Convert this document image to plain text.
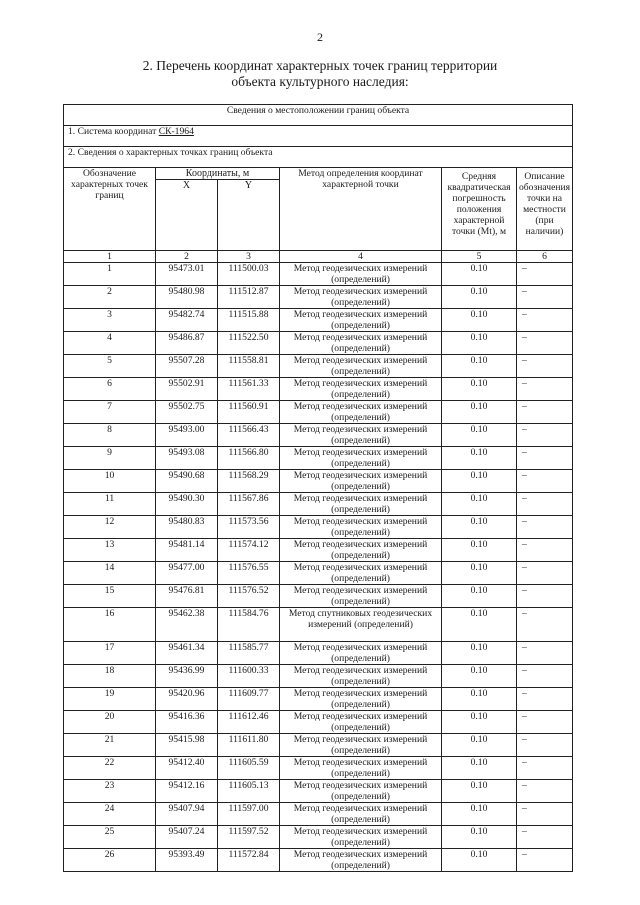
2
2. Перечень координат характерных точек границ территории
объекта культурного наследия:
Сведения о местоположении границ объекта					
1. Система координат СК-1964					
2. Сведения о характерных точках границ объекта					
Обозначение характерных точек границ	Координаты, м		Метод определения координат характерной точки	Средняя квадратическая погрешность положения характерной точки (Mt), м	Описание обозначения точки на местности (при наличии)
	X	Y			
1	2	3	4	5	6
1	95473.01	111500.03	Метод геодезических измерений (определений)	0.10	–
2	95480.98	111512.87	Метод геодезических измерений (определений)	0.10	–
3	95482.74	111515.88	Метод геодезических измерений (определений)	0.10	–
4	95486.87	111522.50	Метод геодезических измерений (определений)	0.10	–
5	95507.28	111558.81	Метод геодезических измерений (определений)	0.10	–
6	95502.91	111561.33	Метод геодезических измерений (определений)	0.10	–
7	95502.75	111560.91	Метод геодезических измерений (определений)	0.10	–
8	95493.00	111566.43	Метод геодезических измерений (определений)	0.10	–
9	95493.08	111566.80	Метод геодезических измерений (определений)	0.10	–
10	95490.68	111568.29	Метод геодезических измерений (определений)	0.10	–
11	95490.30	111567.86	Метод геодезических измерений (определений)	0.10	–
12	95480.83	111573.56	Метод геодезических измерений (определений)	0.10	–
13	95481.14	111574.12	Метод геодезических измерений (определений)	0.10	–
14	95477.00	111576.55	Метод геодезических измерений (определений)	0.10	–
15	95476.81	111576.52	Метод геодезических измерений (определений)	0.10	–
16	95462.38	111584.76	Метод спутниковых геодезических измерений (определений)	0.10	–
17	95461.34	111585.77	Метод геодезических измерений (определений)	0.10	–
18	95436.99	111600.33	Метод геодезических измерений (определений)	0.10	–
19	95420.96	111609.77	Метод геодезических измерений (определений)	0.10	–
20	95416.36	111612.46	Метод геодезических измерений (определений)	0.10	–
21	95415.98	111611.80	Метод геодезических измерений (определений)	0.10	–
22	95412.40	111605.59	Метод геодезических измерений (определений)	0.10	–
23	95412.16	111605.13	Метод геодезических измерений (определений)	0.10	–
24	95407.94	111597.00	Метод геодезических измерений (определений)	0.10	–
25	95407.24	111597.52	Метод геодезических измерений (определений)	0.10	–
26	95393.49	111572.84	Метод геодезических измерений (определений)	0.10	–
